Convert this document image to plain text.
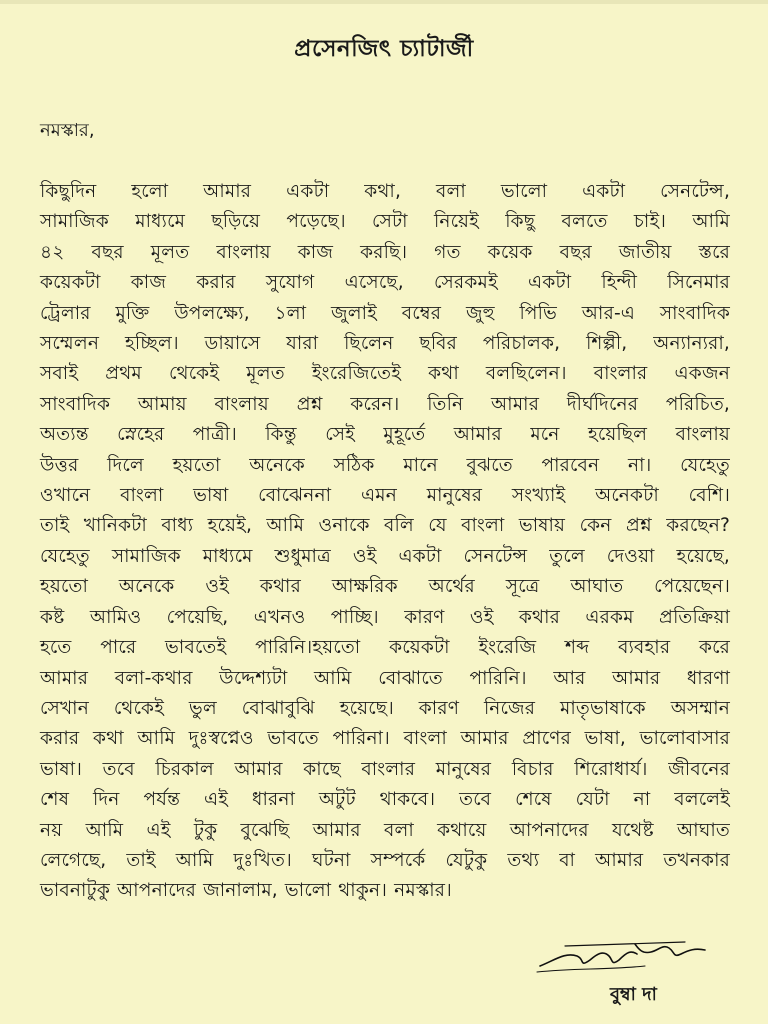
প্রসেনজিৎ চ্যাটার্জী
নমস্কার,
কিছুদিন হলো আমার একটা কথা, বলা ভালো একটা সেনটেন্স,
সামাজিক মাধ্যমে ছড়িয়ে পড়েছে। সেটা নিয়েই কিছু বলতে চাই। আমি
৪২ বছর মূলত বাংলায় কাজ করছি। গত কয়েক বছর জাতীয় স্তরে
কয়েকটা কাজ করার সুযোগ এসেছে, সেরকমই একটা হিন্দী সিনেমার
ট্রেলার মুক্তি উপলক্ষ্যে, ১লা জুলাই বম্বের জুহু পিভি আর-এ সাংবাদিক
সম্মেলন হচ্ছিল। ডায়াসে যারা ছিলেন ছবির পরিচালক, শিল্পী, অন্যান্যরা,
সবাই প্রথম থেকেই মূলত ইংরেজিতেই কথা বলছিলেন। বাংলার একজন
সাংবাদিক আমায় বাংলায় প্রশ্ন করেন। তিনি আমার দীর্ঘদিনের পরিচিত,
অত্যন্ত স্নেহের পাত্রী। কিন্তু সেই মুহূর্তে আমার মনে হয়েছিল বাংলায়
উত্তর দিলে হয়তো অনেকে সঠিক মানে বুঝতে পারবেন না। যেহেতু
ওখানে বাংলা ভাষা বোঝেননা এমন মানুষের সংখ্যাই অনেকটা বেশি।
তাই খানিকটা বাধ্য হয়েই, আমি ওনাকে বলি যে বাংলা ভাষায় কেন প্রশ্ন করছেন?
যেহেতু সামাজিক মাধ্যমে শুধুমাত্র ওই একটা সেনটেন্স তুলে দেওয়া হয়েছে,
হয়তো অনেকে ওই কথার আক্ষরিক অর্থের সূত্রে আঘাত পেয়েছেন।
কষ্ট আমিও পেয়েছি, এখনও পাচ্ছি। কারণ ওই কথার এরকম প্রতিক্রিয়া
হতে পারে ভাবতেই পারিনি।হয়তো কয়েকটা ইংরেজি শব্দ ব্যবহার করে
আমার বলা-কথার উদ্দেশ্যটা আমি বোঝাতে পারিনি। আর আমার ধারণা
সেখান থেকেই ভুল বোঝাবুঝি হয়েছে। কারণ নিজের মাতৃভাষাকে অসম্মান
করার কথা আমি দুঃস্বপ্নেও ভাবতে পারিনা। বাংলা আমার প্রাণের ভাষা, ভালোবাসার
ভাষা। তবে চিরকাল আমার কাছে বাংলার মানুষের বিচার শিরোধার্য। জীবনের
শেষ দিন পর্যন্ত এই ধারনা অটুট থাকবে। তবে শেষে যেটা না বললেই
নয় আমি এই টুকু বুঝেছি আমার বলা কথায়ে আপনাদের যথেষ্ট আঘাত
লেগেছে, তাই আমি দুঃখিত। ঘটনা সম্পর্কে যেটুকু তথ্য বা আমার তখনকার
ভাবনাটুকু আপনাদের জানালাম, ভালো থাকুন। নমস্কার।
বুম্বা দা
